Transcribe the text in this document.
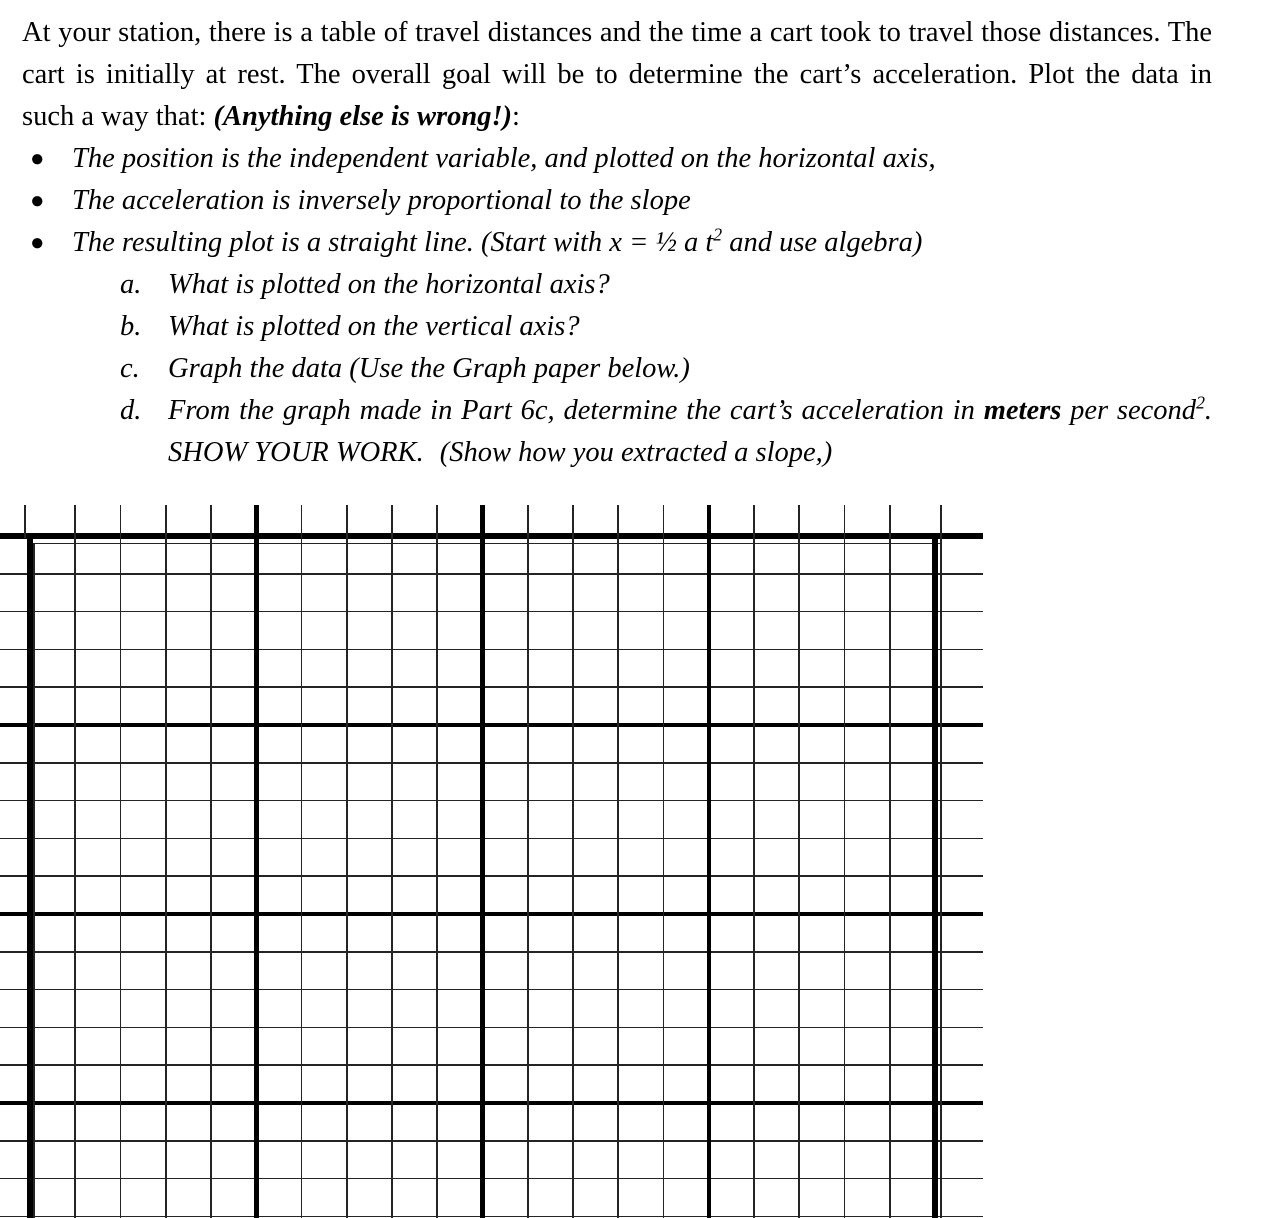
At your station, there is a table of travel distances and the time a cart took to travel those distances. The
cart is initially at rest. The overall goal will be to determine the cart’s acceleration. Plot the data in
such a way that: (Anything else is wrong!):
● The position is the independent variable, and plotted on the horizontal axis,
● The acceleration is inversely proportional to the slope
● The resulting plot is a straight line. (Start with x = ½ a $t^2$ and use algebra)
a. What is plotted on the horizontal axis?
b. What is plotted on the vertical axis?
c. Graph the data (Use the Graph paper below.)
d. From the graph made in Part 6c, determine the cart’s acceleration in meters per second$^2$.
SHOW YOUR WORK. (Show how you extracted a slope,)
